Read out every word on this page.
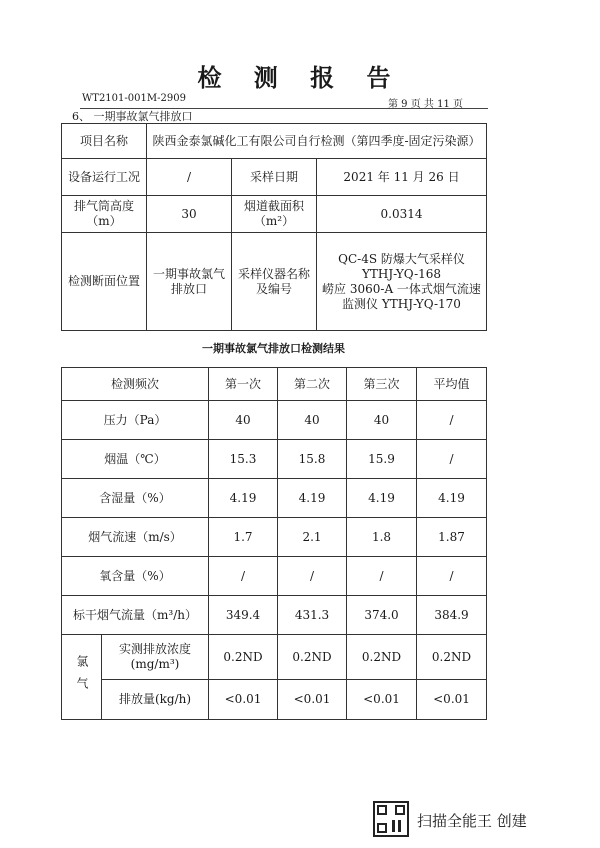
检 测 报 告
WT2101-001M-2909
第 9 页 共 11 页
6、 一期事故氯气排放口
项目名称	陕西金泰氯碱化工有限公司自行检测（第四季度-固定污染源）		
设备运行工况	/	采样日期	2021 年 11 月 26 日
排气筒高度（m）	30	烟道截面积（m²）	0.0314
检测断面位置	一期事故氯气排放口	采样仪器名称及编号	QC-4S 防爆大气采样仪
YTHJ-YQ-168
崂应 3060-A 一体式烟气流速
监测仪 YTHJ-YQ-170
一期事故氯气排放口检测结果
检测频次		第一次	第二次	第三次	平均值
压力（Pa）		40	40	40	/
烟温（℃）		15.3	15.8	15.9	/
含湿量（%）		4.19	4.19	4.19	4.19
烟气流速（m/s）		1.7	2.1	1.8	1.87
氧含量（%）		/	/	/	/
标干烟气流量（m³/h）		349.4	431.3	374.0	384.9
氯气	实测排放浓度(mg/m³)	0.2ND	0.2ND	0.2ND	0.2ND
	排放量(kg/h)	<0.01	<0.01	<0.01	<0.01
扫描全能王 创建
